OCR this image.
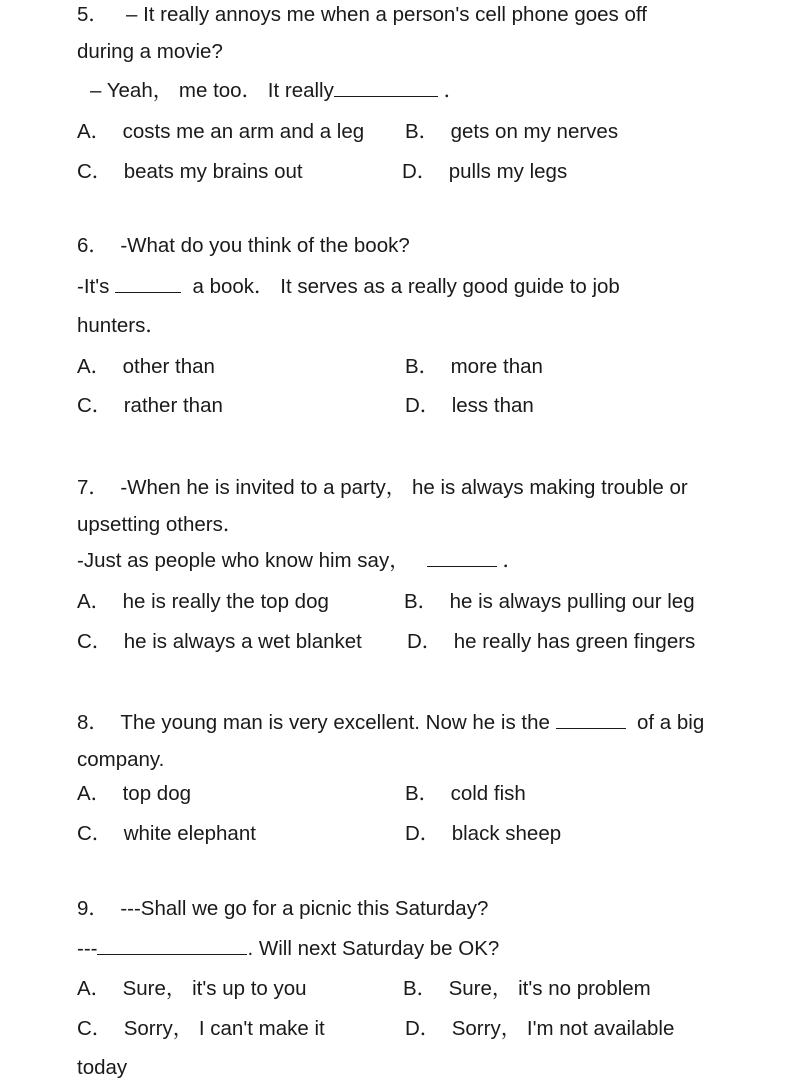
5． – It really annoys me when a person's cell phone goes off
during a movie?
– Yeah， me too． It really	．
A． costs me an arm and a leg B． gets on my nerves
C． beats my brains out	D． pulls my legs
6． -What do you think of the book?
-It's	a book． It serves as a really good guide to job
hunters．
A． other than	B． more than
C． rather than	D． less than
7． -When he is invited to a party， he is always making trouble or
upsetting others．
-Just as people who know him say，	．
A． he is really the top dog	B． he is always pulling our leg
C． he is always a wet blanket D． he really has green fingers
8． The young man is very excellent. Now he is the	of a big
company.
A． top dog	B． cold fish
C． white elephant	D． black sheep
9． ---Shall we go for a picnic this Saturday?
---	. Will next Saturday be OK?
A． Sure， it's up to you	B． Sure， it's no problem
C． Sorry， I can't make it	D． Sorry， I'm not available
today
